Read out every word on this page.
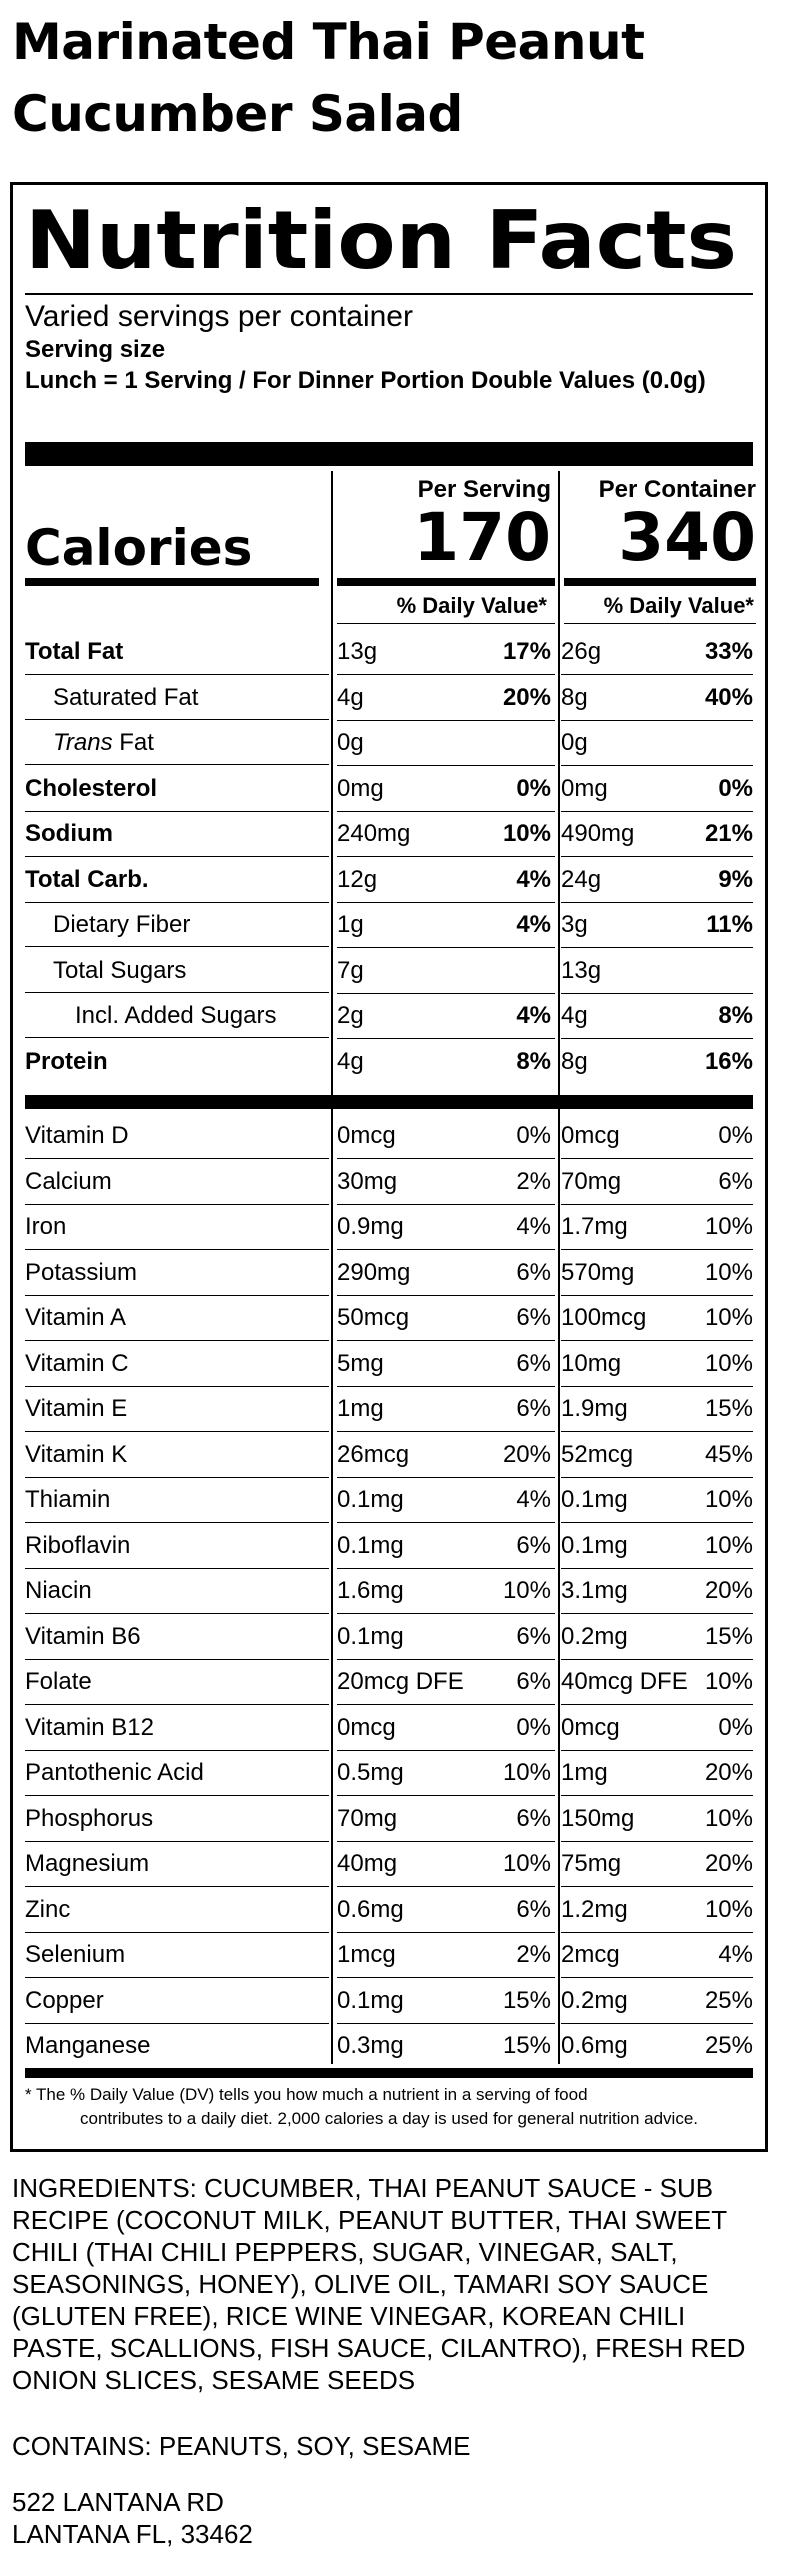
Marinated Thai Peanut Cucumber Salad
Nutrition Facts
Varied servings per container
Serving size
Lunch = 1 Serving / For Dinner Portion Double Values (0.0g)
Per Serving	Per Container
Calories	170	340
% Daily Value*	% Daily Value*
Total Fat	13g	17% 26g	33%
Saturated Fat	4g	20% 8g	40%
Trans Fat	0g	0g
Cholesterol	0mg	0% 0mg	0%
Sodium	240mg	10% 490mg	21%
Total Carb.	12g	4% 24g	9%
Dietary Fiber	1g	4% 3g	11%
Total Sugars	7g	13g
Incl. Added Sugars	2g	4% 4g	8%
Protein	4g	8% 8g	16%
Vitamin D	0mcg	0% 0mcg	0%
Calcium	30mg	2% 70mg	6%
Iron	0.9mg	4% 1.7mg	10%
Potassium	290mg	6% 570mg	10%
Vitamin A	50mcg	6% 100mcg	10%
Vitamin C	5mg	6% 10mg	10%
Vitamin E	1mg	6% 1.9mg	15%
Vitamin K	26mcg	20% 52mcg	45%
Thiamin	0.1mg	4% 0.1mg	10%
Riboflavin	0.1mg	6% 0.1mg	10%
Niacin	1.6mg	10% 3.1mg	20%
Vitamin B6	0.1mg	6% 0.2mg	15%
Folate	20mcg DFE	6% 40mcg DFE 10%
Vitamin B12	0mcg	0% 0mcg	0%
Pantothenic Acid	0.5mg	10% 1mg	20%
Phosphorus	70mg	6% 150mg	10%
Magnesium	40mg	10% 75mg	20%
Zinc	0.6mg	6% 1.2mg	10%
Selenium	1mcg	2% 2mcg	4%
Copper	0.1mg	15% 0.2mg	25%
Manganese	0.3mg	15% 0.6mg	25%
* The % Daily Value (DV) tells you how much a nutrient in a serving of food
contributes to a daily diet. 2,000 calories a day is used for general nutrition advice.
INGREDIENTS: CUCUMBER, THAI PEANUT SAUCE - SUB RECIPE (COCONUT MILK, PEANUT BUTTER, THAI SWEET CHILI (THAI CHILI PEPPERS, SUGAR, VINEGAR, SALT, SEASONINGS, HONEY), OLIVE OIL, TAMARI SOY SAUCE (GLUTEN FREE), RICE WINE VINEGAR, KOREAN CHILI PASTE, SCALLIONS, FISH SAUCE, CILANTRO), FRESH RED ONION SLICES, SESAME SEEDS
CONTAINS: PEANUTS, SOY, SESAME
522 LANTANA RD
LANTANA FL, 33462
